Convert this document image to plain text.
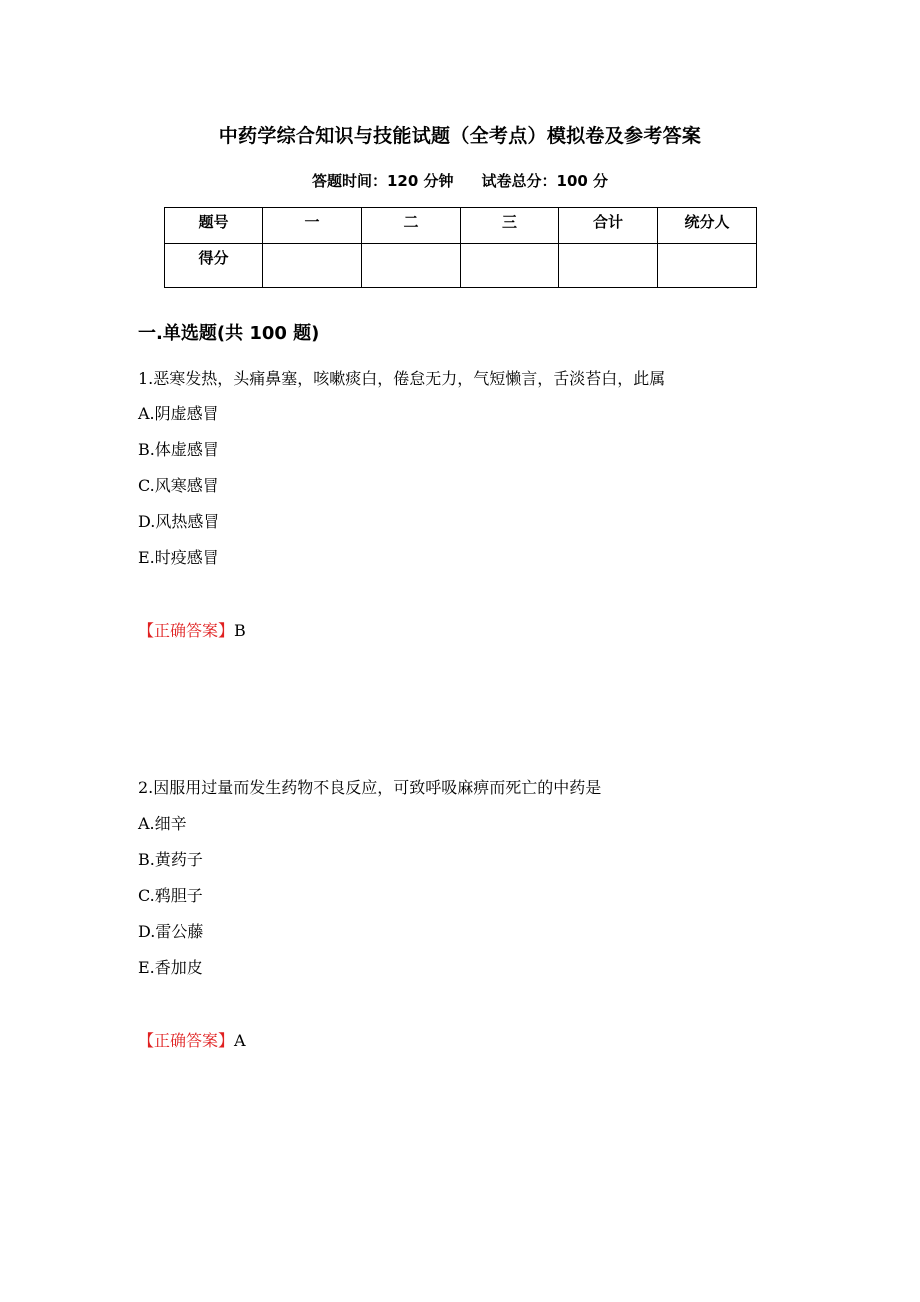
中药学综合知识与技能试题（全考点）模拟卷及参考答案
答题时间：120 分钟 试卷总分：100 分
题号	一	二	三	合计	统分人
得分					
一.单选题(共 100 题)
1.恶寒发热，头痛鼻塞，咳嗽痰白，倦怠无力，气短懒言，舌淡苔白，此属
A.阴虚感冒
B.体虚感冒
C.风寒感冒
D.风热感冒
E.时疫感冒
【正确答案】B
2.因服用过量而发生药物不良反应，可致呼吸麻痹而死亡的中药是
A.细辛
B.黄药子
C.鸦胆子
D.雷公藤
E.香加皮
【正确答案】A
